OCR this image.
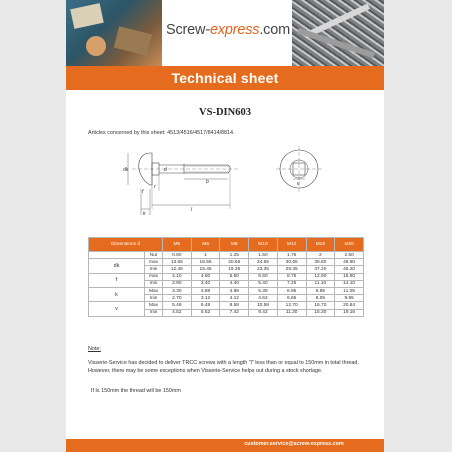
Screw-express.com
Technical sheet
VS-DIN603
Articles concerned by this sheet: 4513/4516/4517/8414/8814.
dk	d
b
l
k
f
v
r
Dimensions d		M5	M6	M8	M10	M12	M16	M20
	Nut	0.80	1	1.25	1.50	1.75	2	2.50
dk	max	13.55	16.55	20.65	24.65	30.65	38.80	46.80
	min	12.45	15.45	19.35	23.35	29.35	37.20	45.20
f	max	4.10	4.60	5.60	6.60	8.75	12.90	15.90
	min	2.90	3.40	4.40	5.40	7.25	11.10	14.10
k	Max	3.30	3.88	4.88	5.38	6.95	8.95	11.05
	min	2.70	3.12	4.12	4.62	6.65	8.05	9.95
v	Max	5.48	6.48	8.58	10.58	12.70	16.70	20.84
	min	4.52	5.52	7.42	9.42	11.30	15.30	19.16
Note:
Visserie-Service has decided to deliver TRCC screws with a length "l" less than or equal to 150mm in total thread. However, there may be some exceptions when Visserie-Service helps out during a stock shortage.
If l≤ 150mm the thread will be 150mm
customer.service@screw-express.com
